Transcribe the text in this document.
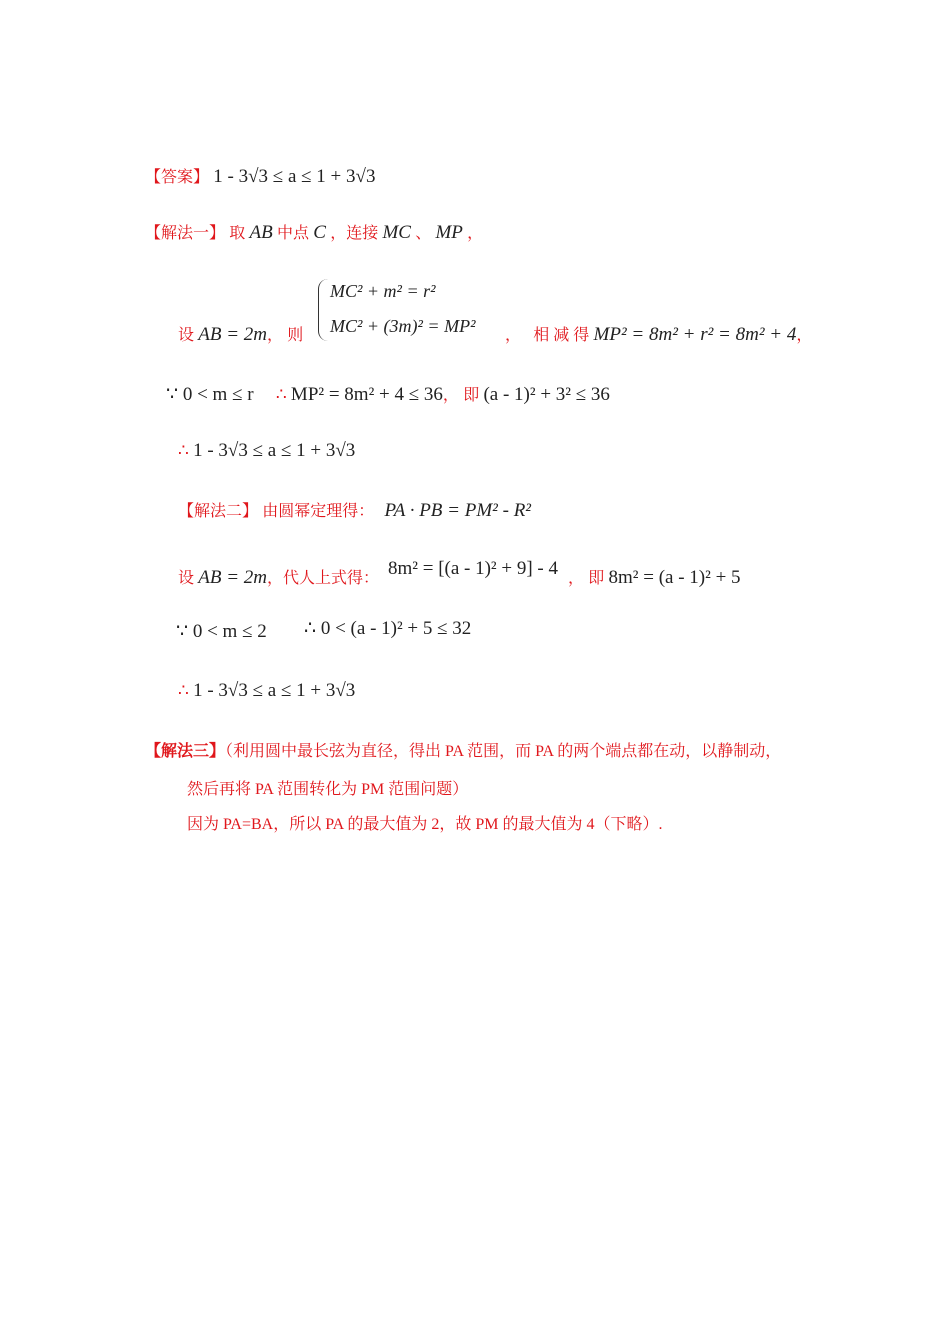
【答案】 1 - 3√3 ≤ a ≤ 1 + 3√3
【解法一】 取 AB 中点 C ，连接 MC 、 MP ，
MC² + m² = r²
MC² + (3m)² = MP²
设 AB = 2m， 则	， 相 减 得 MP² = 8m² + r² = 8m² + 4，
∵ 0 < m ≤ r ∴ MP² = 8m² + 4 ≤ 36， 即 (a - 1)² + 3² ≤ 36
∴ 1 - 3√3 ≤ a ≤ 1 + 3√3
【解法二】 由圆幂定理得： PA · PB = PM² - R²
设 AB = 2m，代人上式得： 8m² = [(a - 1)² + 9] - 4 ， 即 8m² = (a - 1)² + 5
∵ 0 < m ≤ 2 ∴ 0 < (a - 1)² + 5 ≤ 32
∴ 1 - 3√3 ≤ a ≤ 1 + 3√3
【解法三】（利用圆中最长弦为直径，得出 PA 范围，而 PA 的两个端点都在动，以静制动，
然后再将 PA 范围转化为 PM 范围问题）
因为 PA=BA，所以 PA 的最大值为 2，故 PM 的最大值为 4（下略）.
